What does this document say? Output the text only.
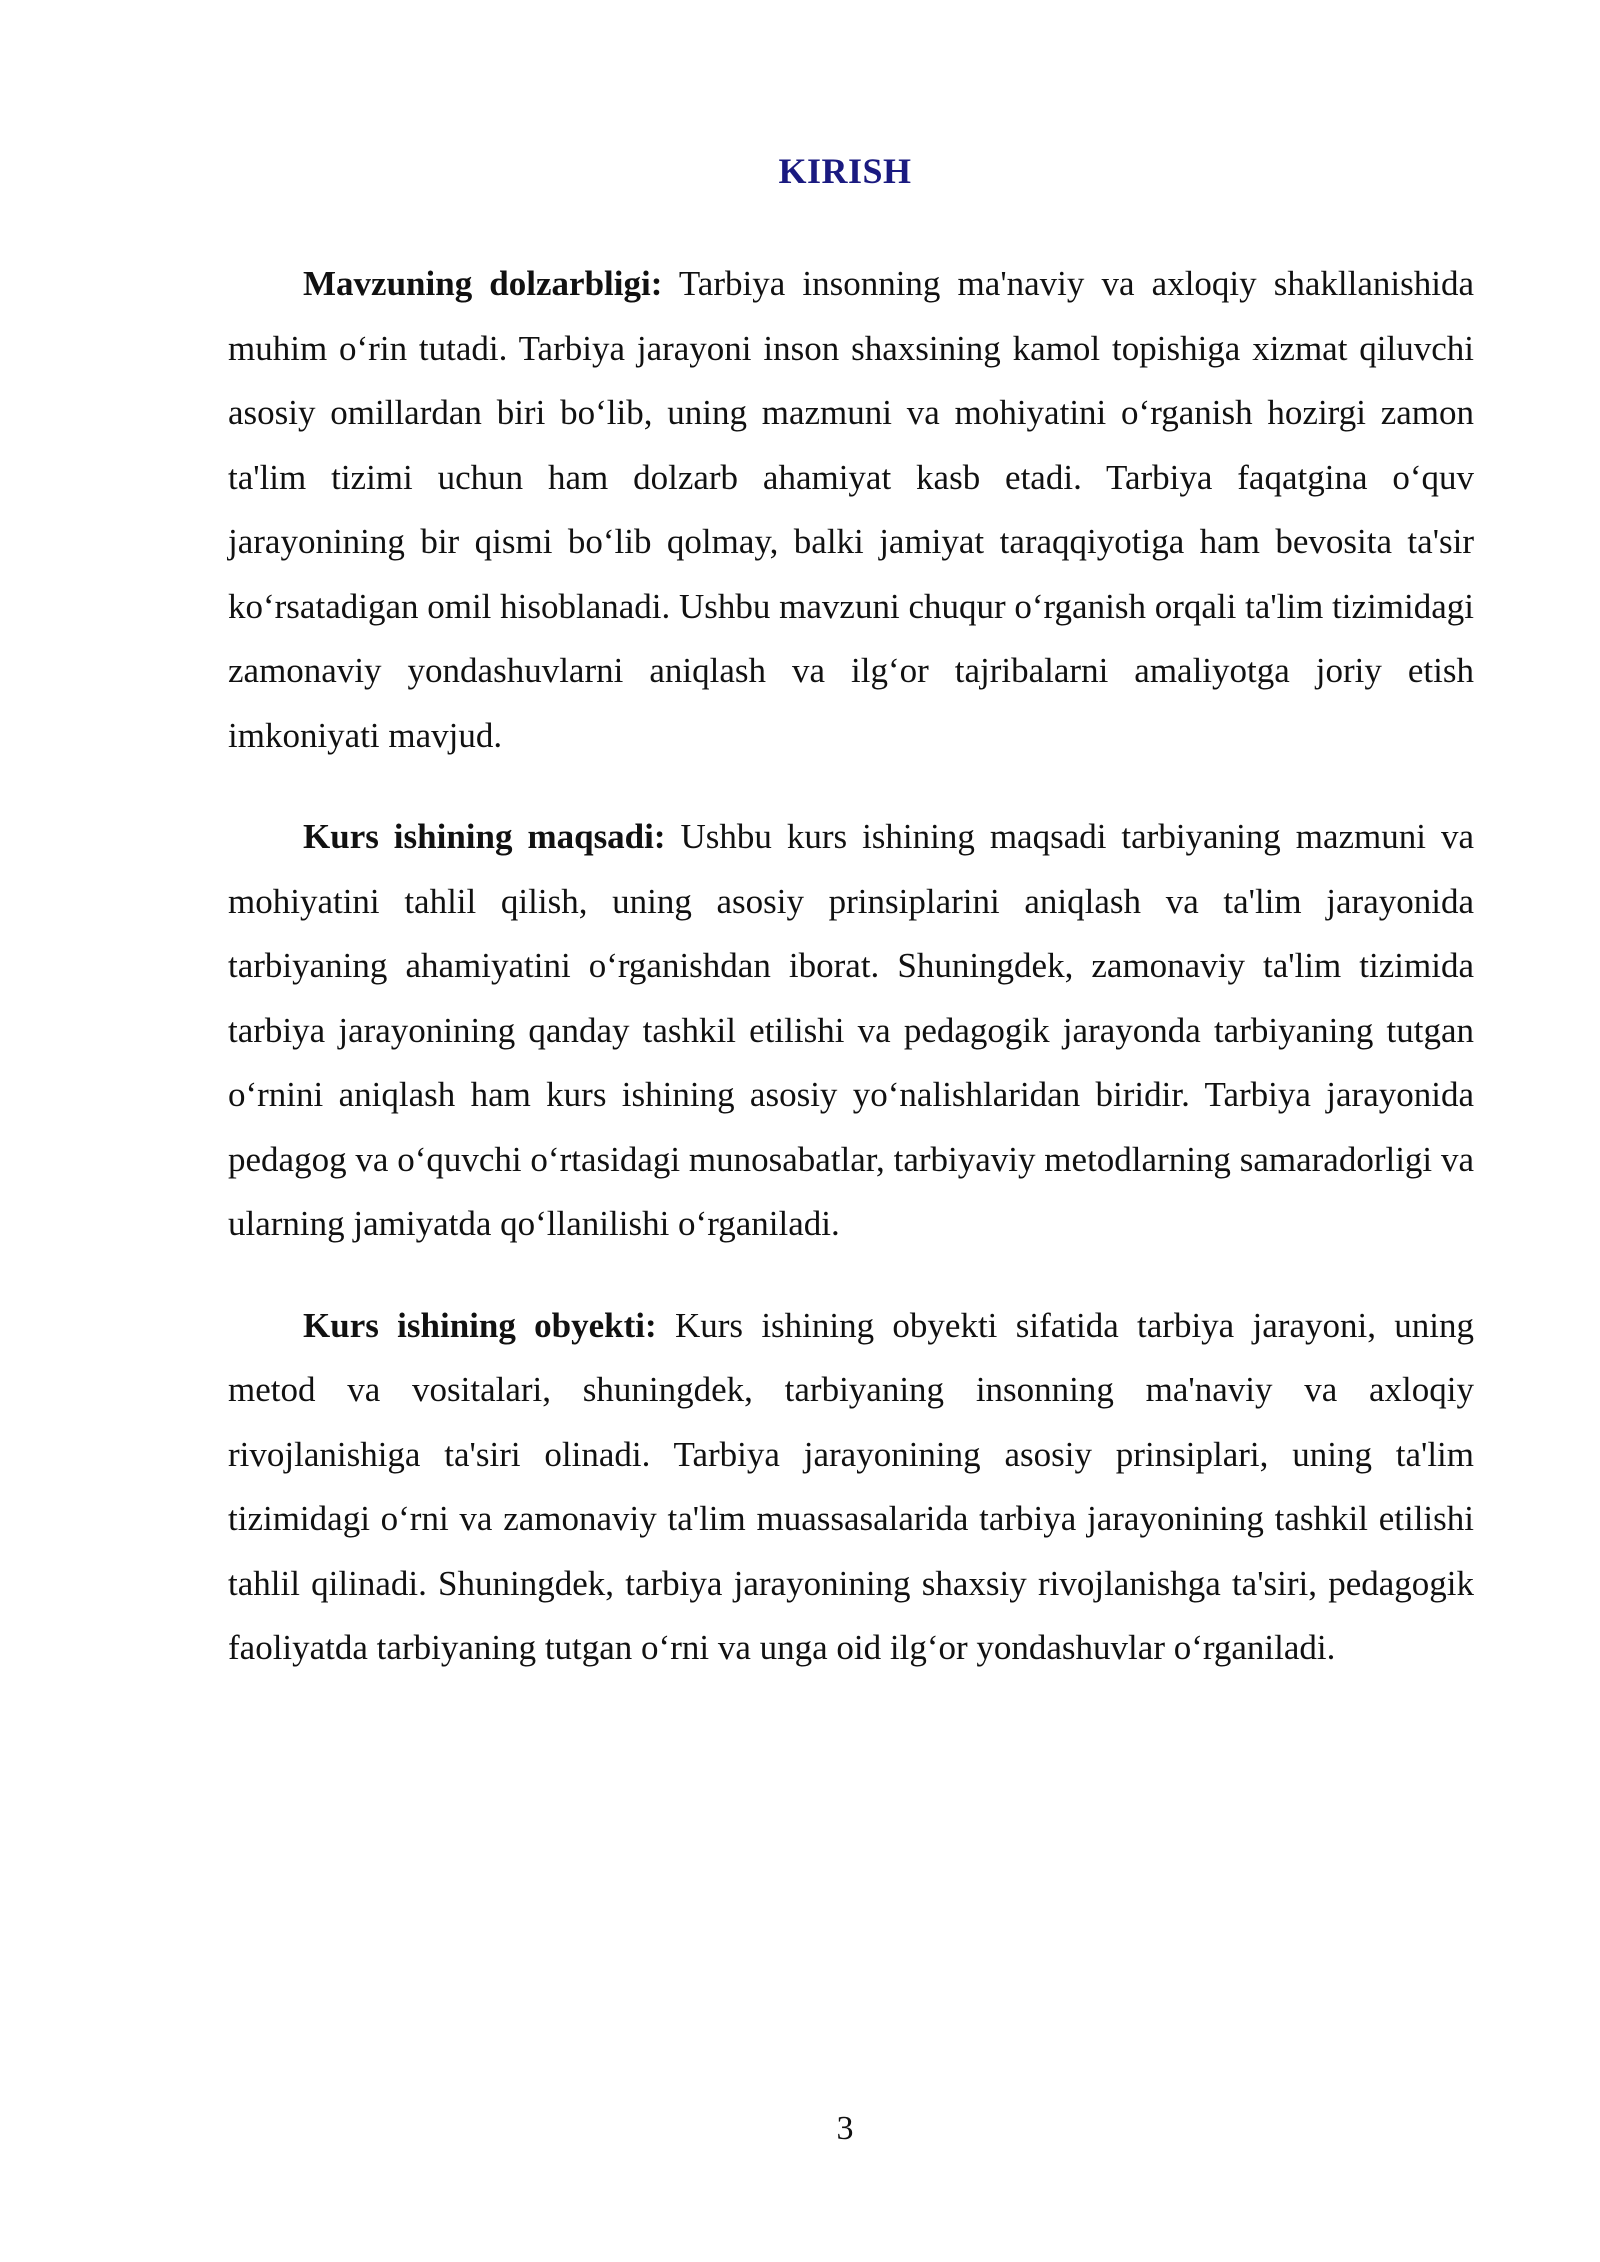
KIRISH

Mavzuning dolzarbligi: Tarbiya insonning ma'naviy va axloqiy shakllanishida muhim o‘rin tutadi. Tarbiya jarayoni inson shaxsining kamol topishiga xizmat qiluvchi asosiy omillardan biri bo‘lib, uning mazmuni va mohiyatini o‘rganish hozirgi zamon ta'lim tizimi uchun ham dolzarb ahamiyat kasb etadi. Tarbiya faqatgina o‘quv jarayonining bir qismi bo‘lib qolmay, balki jamiyat taraqqiyotiga ham bevosita ta'sir ko‘rsatadigan omil hisoblanadi. Ushbu mavzuni chuqur o‘rganish orqali ta'lim tizimidagi zamonaviy yondashuvlarni aniqlash va ilg‘or tajribalarni amaliyotga joriy etish imkoniyati mavjud.

Kurs ishining maqsadi: Ushbu kurs ishining maqsadi tarbiyaning mazmuni va mohiyatini tahlil qilish, uning asosiy prinsiplarini aniqlash va ta'lim jarayonida tarbiyaning ahamiyatini o‘rganishdan iborat. Shuningdek, zamonaviy ta'lim tizimida tarbiya jarayonining qanday tashkil etilishi va pedagogik jarayonda tarbiyaning tutgan o‘rnini aniqlash ham kurs ishining asosiy yo‘nalishlaridan biridir. Tarbiya jarayonida pedagog va o‘quvchi o‘rtasidagi munosabatlar, tarbiyaviy metodlarning samaradorligi va ularning jamiyatda qo‘llanilishi o‘rganiladi.

Kurs ishining obyekti: Kurs ishining obyekti sifatida tarbiya jarayoni, uning metod va vositalari, shuningdek, tarbiyaning insonning ma'naviy va axloqiy rivojlanishiga ta'siri olinadi. Tarbiya jarayonining asosiy prinsiplari, uning ta'lim tizimidagi o‘rni va zamonaviy ta'lim muassasalarida tarbiya jarayonining tashkil etilishi tahlil qilinadi. Shuningdek, tarbiya jarayonining shaxsiy rivojlanishga ta'siri, pedagogik faoliyatda tarbiyaning tutgan o‘rni va unga oid ilg‘or yondashuvlar o‘rganiladi.

3
